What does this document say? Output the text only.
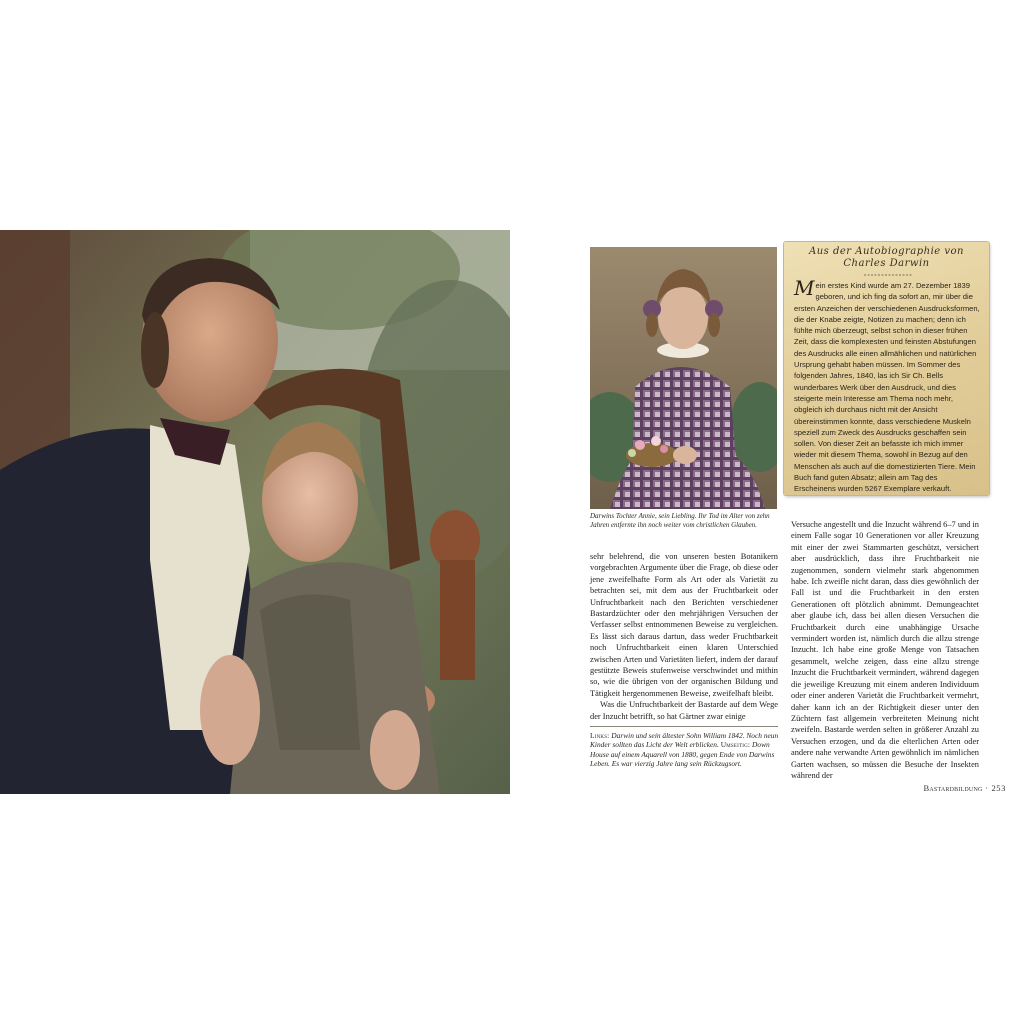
Darwins Tochter Annie, sein Liebling. Ihr Tod im Alter von zehn Jahren entfernte ihn noch weiter vom christlichen Glauben.
Aus der Autobiographie von
Charles Darwin
Mein erstes Kind wurde am 27. Dezember 1839 geboren, und ich fing da sofort an, mir über die ersten Anzeichen der verschiedenen Ausdrucksformen, die der Knabe zeigte, Notizen zu machen; denn ich fühlte mich überzeugt, selbst schon in dieser frühen Zeit, dass die komplexesten und feinsten Abstufungen des Ausdrucks alle einen allmählichen und natürlichen Ursprung gehabt haben müssen. Im Sommer des folgenden Jahres, 1840, las ich Sir Ch. Bells wunderbares Werk über den Ausdruck, und dies steigerte mein Interesse am Thema noch mehr, obgleich ich durchaus nicht mit der Ansicht übereinstimmen konnte, dass verschiedene Muskeln speziell zum Zweck des Ausdrucks geschaffen sein sollen. Von dieser Zeit an befasste ich mich immer wieder mit diesem Thema, sowohl in Bezug auf den Menschen als auch auf die domestizierten Tiere. Mein Buch fand guten Absatz; allein am Tag des Erscheinens wurden 5267 Exemplare verkauft.

sehr belehrend, die von unseren besten Botanikern vorgebrachten Argumente über die Frage, ob diese oder jene zweifelhafte Form als Art oder als Varietät zu betrachten sei, mit dem aus der Fruchtbarkeit oder Unfruchtbarkeit nach den Berichten verschiedener Bastardzüchter oder den mehrjährigen Versuchen der Verfasser selbst entnommenen Beweise zu vergleichen. Es lässt sich daraus dartun, dass weder Fruchtbarkeit noch Unfruchtbarkeit einen klaren Unterschied zwischen Arten und Varietäten liefert, indem der darauf gestützte Beweis stufenweise verschwindet und mithin so, wie die übrigen von der organischen Bildung und Tätigkeit hergenommenen Beweise, zweifelhaft bleibt.

Was die Unfruchtbarkeit der Bastarde auf dem Wege der Inzucht betrifft, so hat Gärtner zwar einige

Links: Darwin und sein ältester Sohn William 1842. Noch neun Kinder sollten das Licht der Welt erblicken. Umseitig: Down House auf einem Aquarell von 1880, gegen Ende von Darwins Leben. Es war vierzig Jahre lang sein Rückzugsort.

Versuche angestellt und die Inzucht während 6–7 und in einem Falle sogar 10 Generationen vor aller Kreuzung mit einer der zwei Stammarten geschützt, versichert aber ausdrücklich, dass ihre Fruchtbarkeit nie zugenommen, sondern vielmehr stark abgenommen habe. Ich zweifle nicht daran, dass dies gewöhnlich der Fall ist und die Fruchtbarkeit in den ersten Generationen oft plötzlich abnimmt. Demungeachtet aber glaube ich, dass bei allen diesen Versuchen die Fruchtbarkeit durch eine unabhängige Ursache vermindert worden ist, nämlich durch die allzu strenge Inzucht. Ich habe eine große Menge von Tatsachen gesammelt, welche zeigen, dass eine allzu strenge Inzucht die Fruchtbarkeit vermindert, während dagegen die jeweilige Kreuzung mit einem anderen Individuum oder einer anderen Varietät die Fruchtbarkeit vermehrt, daher kann ich an der Richtigkeit dieser unter den Züchtern fast allgemein verbreiteten Meinung nicht zweifeln. Bastarde werden selten in größerer Anzahl zu Versuchen erzogen, und da die elterlichen Arten oder andere nahe verwandte Arten gewöhnlich im nämlichen Garten wachsen, so müssen die Besuche der Insekten während der

Bastardbildung · 253
